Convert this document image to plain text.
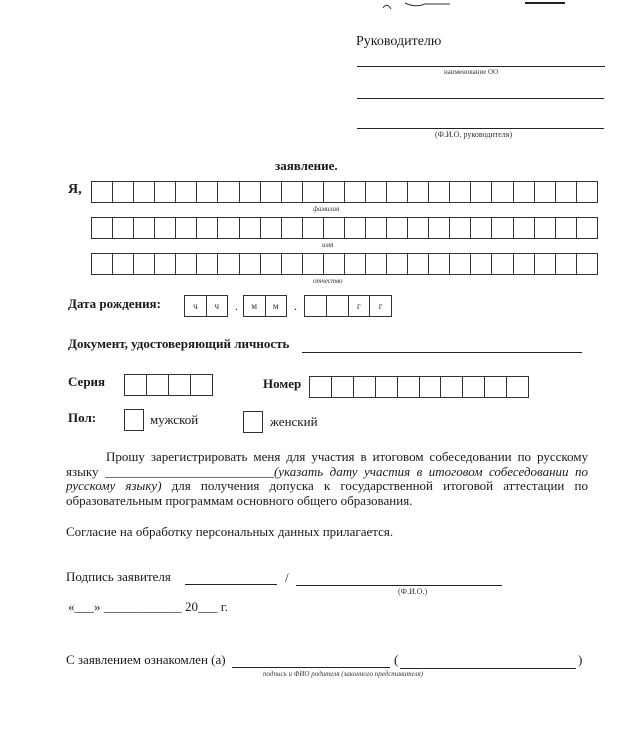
Руководителю
наименование ОО
(Ф.И.О. руководителя)
заявление.
Я,
фамилия
имя
отчество
Дата рождения:	ч	ч	.	м	м	.	г	г
Документ, удостоверяющий личность
Серия	Номер
Пол:	мужской	женский
Прошу зарегистрировать меня для участия в итоговом собеседовании по русскому языку __________________________(указать дату участия в итоговом собеседовании по русскому языку) для получения допуска к государственной итоговой аттестации по образовательным программам основного общего образования.
Согласие на обработку персональных данных прилагается.
Подпись заявителя	/
(Ф.И.О.)
«___» ____________ 20___ г.
С заявлением ознакомлен (а)	(	)
подпись и ФИО родителя (законного представителя)
